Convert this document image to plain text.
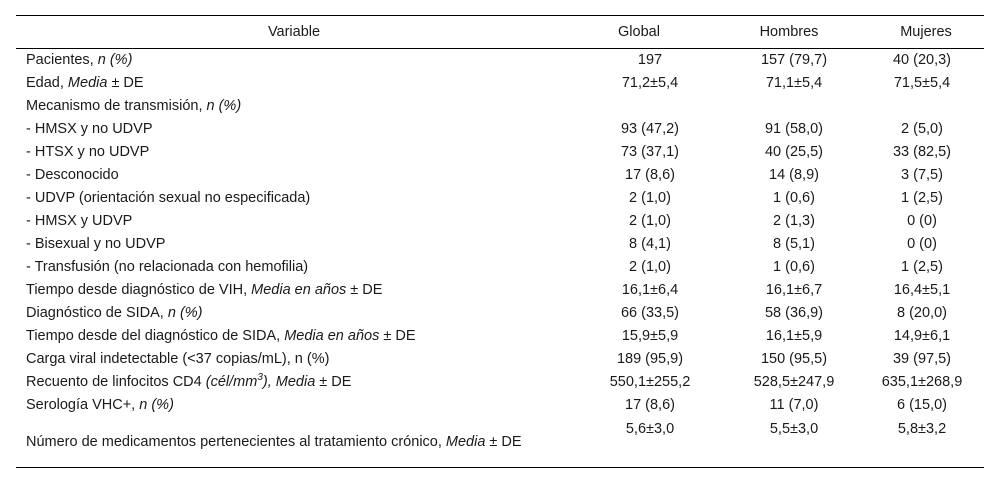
Variable	Global	Hombres	Mujeres
Pacientes, n (%)	197	157 (79,7)	40 (20,3)
Edad, Media ± DE	71,2±5,4	71,1±5,4	71,5±5,4
Mecanismo de transmisión, n (%)			
- HMSX y no UDVP	93 (47,2)	91 (58,0)	2 (5,0)
- HTSX y no UDVP	73 (37,1)	40 (25,5)	33 (82,5)
- Desconocido	17 (8,6)	14 (8,9)	3 (7,5)
- UDVP (orientación sexual no especificada)	2 (1,0)	1 (0,6)	1 (2,5)
- HMSX y UDVP	2 (1,0)	2 (1,3)	0 (0)
- Bisexual y no UDVP	8 (4,1)	8 (5,1)	0 (0)
- Transfusión (no relacionada con hemofilia)	2 (1,0)	1 (0,6)	1 (2,5)
Tiempo desde diagnóstico de VIH, Media en años ± DE	16,1±6,4	16,1±6,7	16,4±5,1
Diagnóstico de SIDA, n (%)	66 (33,5)	58 (36,9)	8 (20,0)
Tiempo desde del diagnóstico de SIDA, Media en años ± DE	15,9±5,9	16,1±5,9	14,9±6,1
Carga viral indetectable (<37 copias/mL), n (%)	189 (95,9)	150 (95,5)	39 (97,5)
Recuento de linfocitos CD4 $(cél/mm^3)$, Media ± DE	550,1±255,2	528,5±247,9	635,1±268,9
Serología VHC+, n (%)	17 (8,6)	11 (7,0)	6 (15,0)
Número de medicamentos pertenecientes al tratamiento crónico, Media ± DE	5,6±3,0	5,5±3,0	5,8±3,2
